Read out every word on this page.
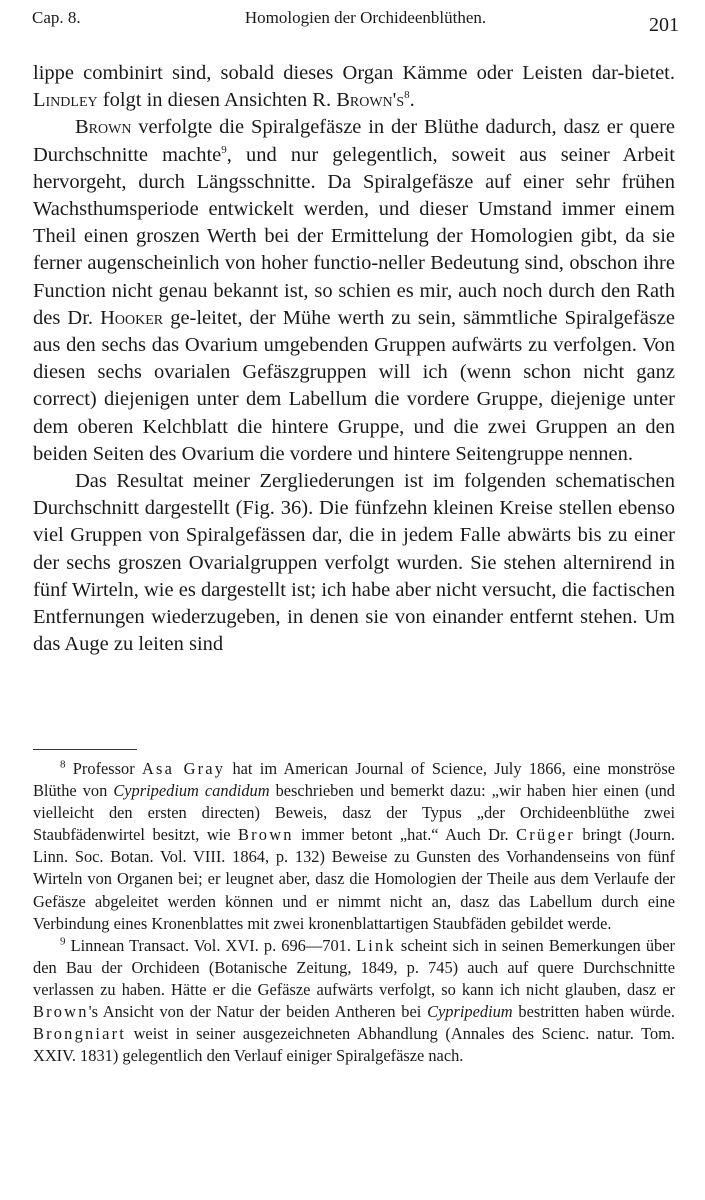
Cap. 8.	Homologien der Orchideenblüthen.	201

lippe combinirt sind, sobald dieses Organ Kämme oder Leisten dar-bietet. Lindley folgt in diesen Ansichten R. $Brown's^8$.

Brown verfolgte die Spiralgefäsze in der Blüthe dadurch, dasz er quere Durchschnitte machte$^9$, und nur gelegentlich, soweit aus seiner Arbeit hervorgeht, durch Längsschnitte. Da Spiralgefäsze auf einer sehr frühen Wachsthumsperiode entwickelt werden, und dieser Umstand immer einem Theil einen groszen Werth bei der Ermittelung der Homologien gibt, da sie ferner augenscheinlich von hoher functio-neller Bedeutung sind, obschon ihre Function nicht genau bekannt ist, so schien es mir, auch noch durch den Rath des Dr. Hooker ge-leitet, der Mühe werth zu sein, sämmtliche Spiralgefäsze aus den sechs das Ovarium umgebenden Gruppen aufwärts zu verfolgen. Von diesen sechs ovarialen Gefäszgruppen will ich (wenn schon nicht ganz correct) diejenigen unter dem Labellum die vordere Gruppe, diejenige unter dem oberen Kelchblatt die hintere Gruppe, und die zwei Gruppen an den beiden Seiten des Ovarium die vordere und hintere Seitengruppe nennen.

Das Resultat meiner Zergliederungen ist im folgenden schematischen Durchschnitt dargestellt (Fig. 36). Die fünfzehn kleinen Kreise stellen ebenso viel Gruppen von Spiralgefässen dar, die in jedem Falle abwärts bis zu einer der sechs groszen Ovarialgruppen verfolgt wurden. Sie stehen alternirend in fünf Wirteln, wie es dargestellt ist; ich habe aber nicht versucht, die factischen Entfernungen wiederzugeben, in denen sie von einander entfernt stehen. Um das Auge zu leiten sind

$^8$ Professor Asa Gray hat im American Journal of Science, July 1866, eine monströse Blüthe von Cypripedium candidum beschrieben und bemerkt dazu: „wir haben hier einen (und vielleicht den ersten directen) Beweis, dasz der Typus „der Orchideenblüthe zwei Staubfädenwirtel besitzt, wie Brown immer betont „hat.“ Auch Dr. Crüger bringt (Journ. Linn. Soc. Botan. Vol. VIII. 1864, p. 132) Beweise zu Gunsten des Vorhandenseins von fünf Wirteln von Organen bei; er leugnet aber, dasz die Homologien der Theile aus dem Verlaufe der Gefäsze abgeleitet werden können und er nimmt nicht an, dasz das Labellum durch eine Verbindung eines Kronenblattes mit zwei kronenblattartigen Staubfäden gebildet werde.

$^9$ Linnean Transact. Vol. XVI. p. 696—701. Link scheint sich in seinen Bemerkungen über den Bau der Orchideen (Botanische Zeitung, 1849, p. 745) auch auf quere Durchschnitte verlassen zu haben. Hätte er die Gefäsze aufwärts verfolgt, so kann ich nicht glauben, dasz er Brown's Ansicht von der Natur der beiden Antheren bei Cypripedium bestritten haben würde. Brongniart weist in seiner ausgezeichneten Abhandlung (Annales des Scienc. natur. Tom. XXIV. 1831) gelegentlich den Verlauf einiger Spiralgefäsze nach.
